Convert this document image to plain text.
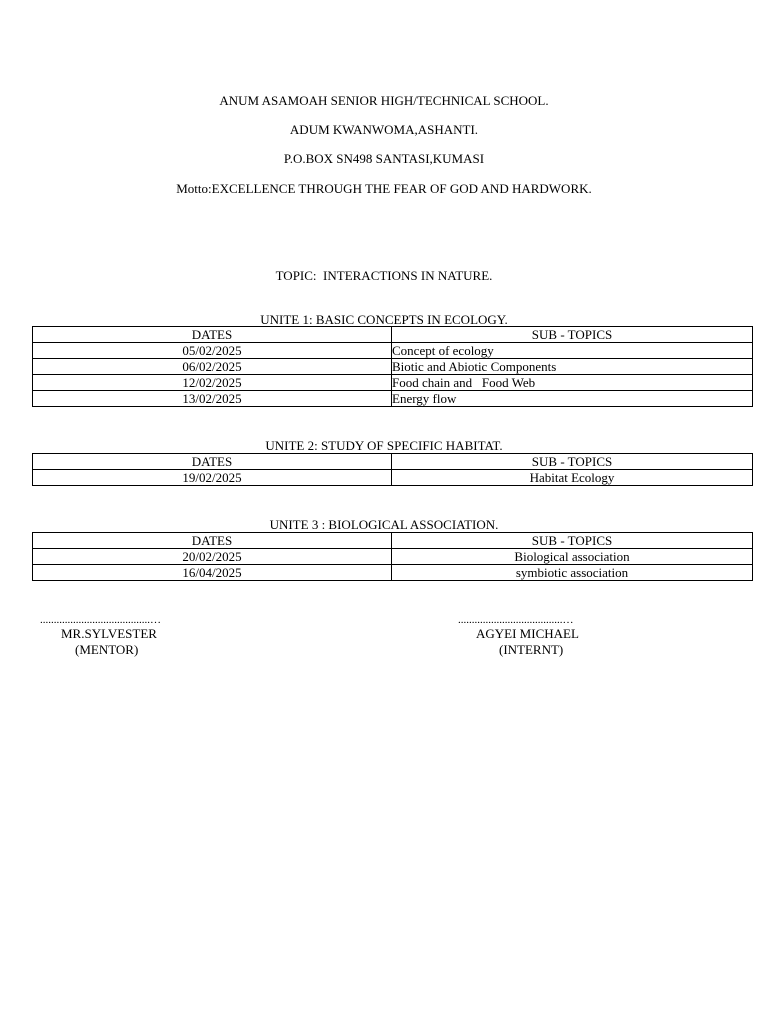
ANUM ASAMOAH SENIOR HIGH/TECHNICAL SCHOOL.
ADUM KWANWOMA,ASHANTI.
P.O.BOX SN498 SANTASI,KUMASI
Motto:EXCELLENCE THROUGH THE FEAR OF GOD AND HARDWORK.
TOPIC:  INTERACTIONS IN NATURE.
UNITE 1: BASIC CONCEPTS IN ECOLOGY.
DATES	SUB - TOPICS
05/02/2025	Concept of ecology
06/02/2025	Biotic and Abiotic Components
12/02/2025	Food chain and   Food Web
13/02/2025	Energy flow
UNITE 2: STUDY OF SPECIFIC HABITAT.
DATES	SUB - TOPICS
19/02/2025	Habitat Ecology
UNITE 3 : BIOLOGICAL ASSOCIATION.
DATES	SUB - TOPICS
20/02/2025	Biological association
16/04/2025	symbiotic association
........................................…
MR.SYLVESTER
(MENTOR)
......................................…
AGYEI MICHAEL
(INTERNT)
